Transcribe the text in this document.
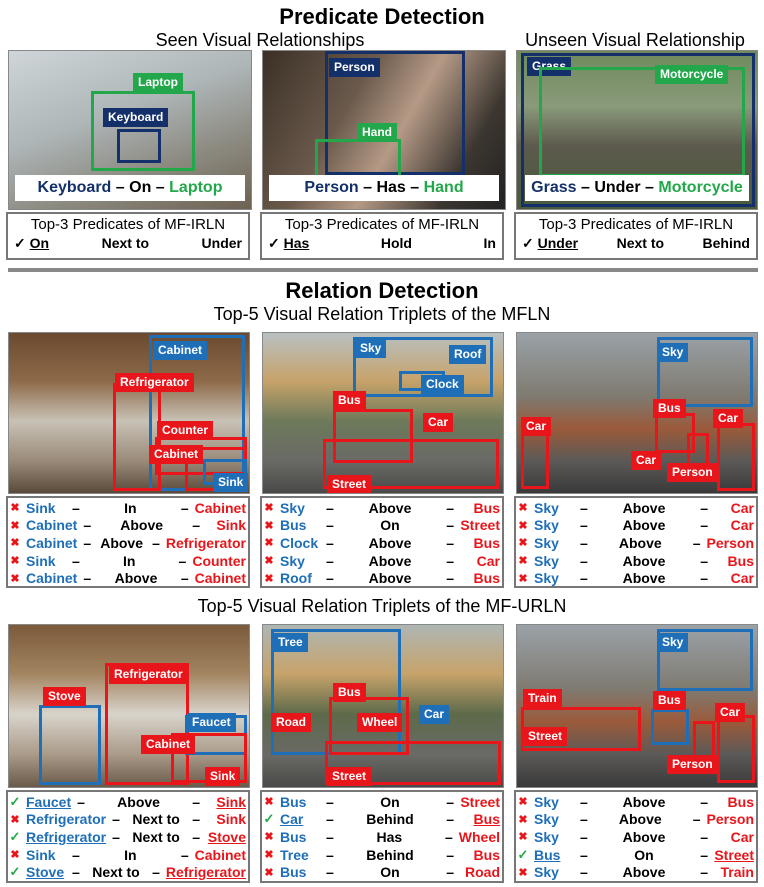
Predicate Detection
Seen Visual Relationships	Unseen Visual Relationship
Laptop
Keyboard
Keyboard – On – Laptop
Top-3 Predicates of MF-IRLN
✓ On	Next to	Under
Person
Hand
Person – Has – Hand
Top-3 Predicates of MF-IRLN
✓ Has	Hold	In
Grass
Motorcycle
Grass – Under – Motorcycle
Top-3 Predicates of MF-IRLN
✓ Under	Next to	Behind
Relation Detection
Top-5 Visual Relation Triplets of the MFLN
Cabinet
Refrigerator
Counter
Cabinet
Sink
Sky	Roof
Clock
Bus
Car
Street
Sky
Bus
Car
Car
Car
Person
✖ Sink	–	In	– Cabinet
✖ Cabinet –	Above	–	Sink
✖ Cabinet – Above – Refrigerator
✖ Sink	–	In	– Counter
✖ Cabinet –	Above	– Cabinet
✖ Sky	–	Above	–	Bus
✖ Bus	–	On	– Street
✖ Clock –	Above	–	Bus
✖ Sky	–	Above	–	Car
✖ Roof	–	Above	–	Bus
✖ Sky	–	Above	–	Car
✖ Sky	–	Above	–	Car
✖ Sky	–	Above	– Person
✖ Sky	–	Above	–	Bus
✖ Sky	–	Above	–	Car
Top-5 Visual Relation Triplets of the MF-URLN
Refrigerator
Stove
Faucet
Cabinet
Sink
Tree
Bus
Road	Wheel
Car
Street
Sky
Train	Bus
Car
Street
Person
✓ Faucet –	Above	–	Sink
✖ Refrigerator – Next to –	Sink
✓ Refrigerator – Next to – Stove
✖ Sink	–	In	– Cabinet
✓ Stove – Next to – Refrigerator
✖ Bus	–	On	– Street
✓ Car	–	Behind	–	Bus
✖ Bus	–	Has	– Wheel
✖ Tree	–	Behind	–	Bus
✖ Bus	–	On	– Road
✖ Sky	–	Above	–	Bus
✖ Sky	–	Above	– Person
✖ Sky	–	Above	–	Car
✓ Bus	–	On	– Street
✖ Sky	–	Above	– Train
